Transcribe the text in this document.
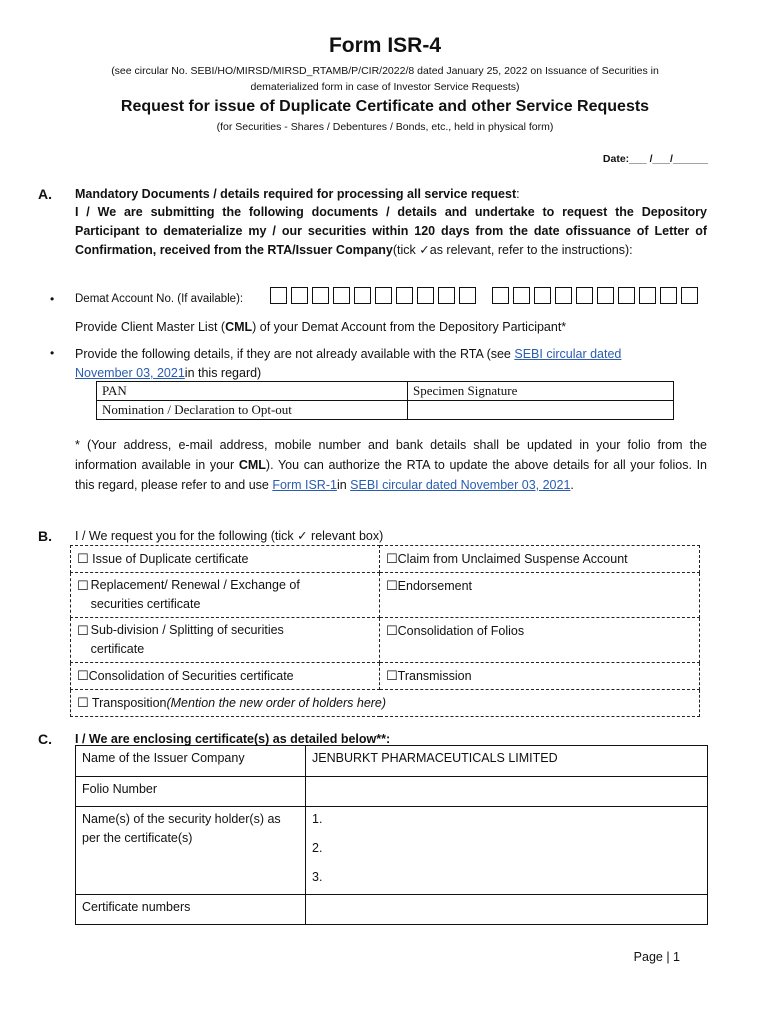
Form ISR-4
(see circular No. SEBI/HO/MIRSD/MIRSD_RTAMB/P/CIR/2022/8 dated January 25, 2022 on Issuance of Securities in
dematerialized form in case of Investor Service Requests)
Request for issue of Duplicate Certificate and other Service Requests
(for Securities - Shares / Debentures / Bonds, etc., held in physical form)
Date:___ /___/______
A. Mandatory Documents / details required for processing all service request:
I / We are submitting the following documents / details and undertake to request the Depository Participant to dematerialize my / our securities within 120 days from the date ofissuance of Letter of Confirmation, received from the RTA/Issuer Company(tick ✓as relevant, refer to the instructions):
• Demat Account No. (If available):
Provide Client Master List (CML) of your Demat Account from the Depository Participant*
• Provide the following details, if they are not already available with the RTA (see SEBI circular dated
November 03, 2021in this regard)
PAN	Specimen Signature
Nomination / Declaration to Opt-out	
* (Your address, e-mail address, mobile number and bank details shall be updated in your folio from the information available in your CML). You can authorize the RTA to update the above details for all your folios. In this regard, please refer to and use Form ISR-1in SEBI circular dated November 03, 2021.
B. I / We request you for the following (tick ✓ relevant box)
☐ Issue of Duplicate certificate	☐Claim from Unclaimed Suspense Account
☐ Replacement/ Renewal / Exchange of securities certificate	☐Endorsement
☐ Sub-division / Splitting of securities certificate	☐Consolidation of Folios
☐Consolidation of Securities certificate	☐Transmission
☐ Transposition(Mention the new order of holders here)	
C. I / We are enclosing certificate(s) as detailed below**:
Name of the Issuer Company	JENBURKT PHARMACEUTICALS LIMITED
Folio Number	
Name(s) of the security holder(s) as per the certificate(s)	1.
2.
3.

Certificate numbers	
Page | 1
